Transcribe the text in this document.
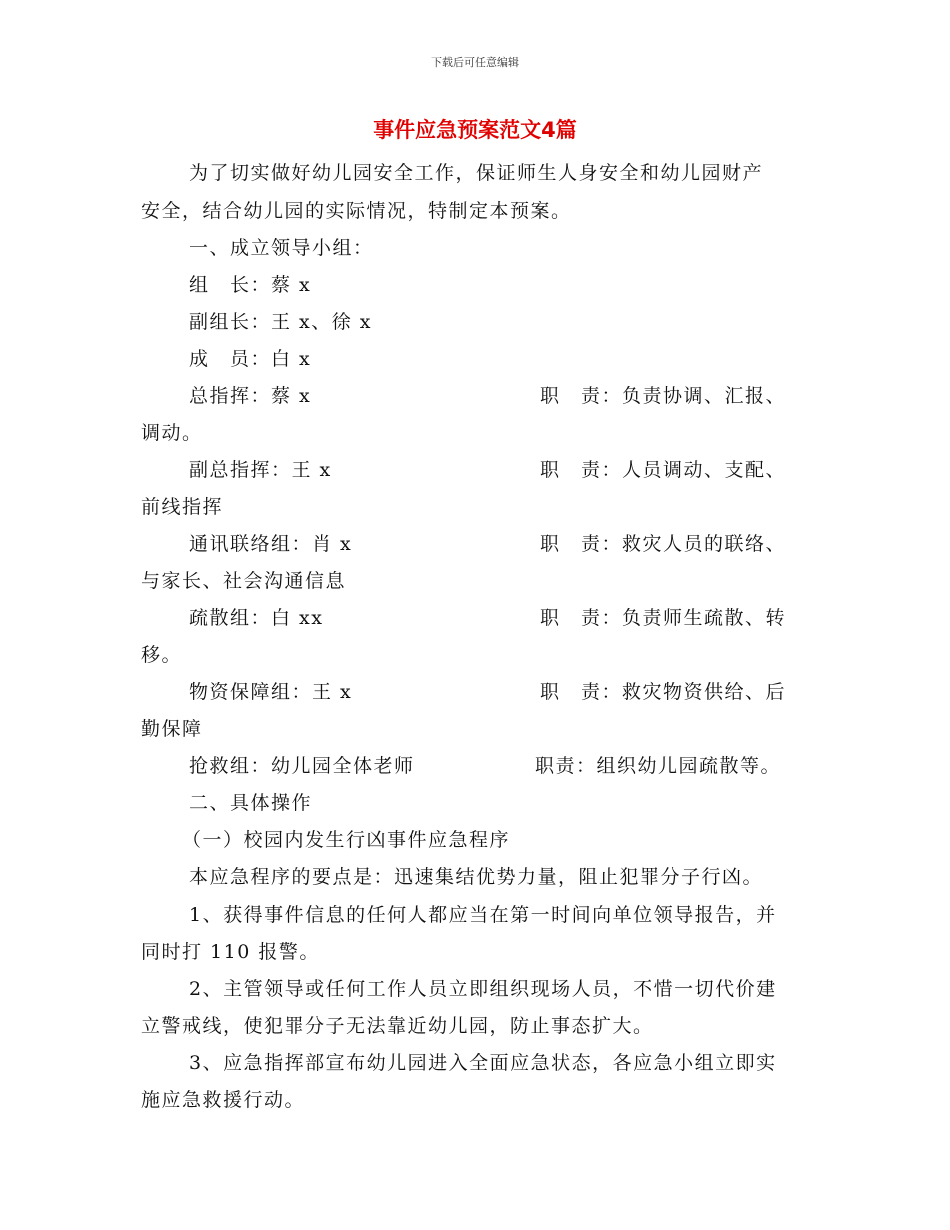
下载后可任意编辑
事件应急预案范文4篇
为了切实做好幼儿园安全工作，保证师生人身安全和幼儿园财产
安全，结合幼儿园的实际情况，特制定本预案。
一、成立领导小组：
组　长：蔡 x
副组长：王 x、徐 x
成　员：白 x
总指挥：蔡 x	职　责：负责协调、汇报、
调动。
副总指挥：王 x	职　责：人员调动、支配、
前线指挥
通讯联络组：肖 x	职　责：救灾人员的联络、
与家长、社会沟通信息
疏散组：白 xx	职　责：负责师生疏散、转
移。
物资保障组：王 x	职　责：救灾物资供给、后
勤保障
抢救组：幼儿园全体老师	职责：组织幼儿园疏散等。
二、具体操作
（一）校园内发生行凶事件应急程序
本应急程序的要点是：迅速集结优势力量，阻止犯罪分子行凶。
1、获得事件信息的任何人都应当在第一时间向单位领导报告，并
同时打 110 报警。
2、主管领导或任何工作人员立即组织现场人员，不惜一切代价建
立警戒线，使犯罪分子无法靠近幼儿园，防止事态扩大。
3、应急指挥部宣布幼儿园进入全面应急状态，各应急小组立即实
施应急救援行动。
